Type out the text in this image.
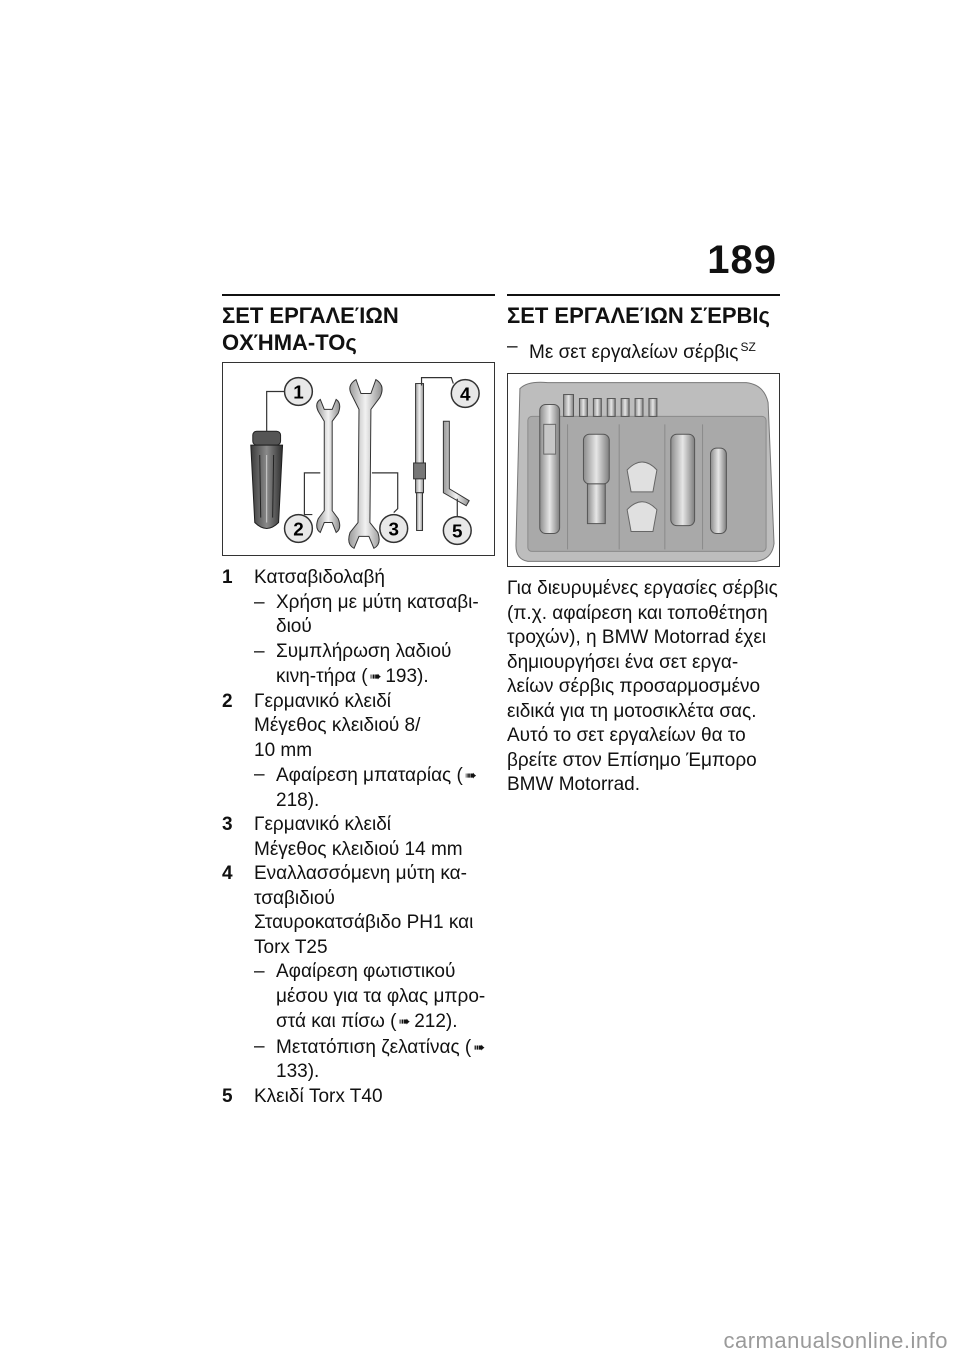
189
ΣΕΤ ΕΡΓΑΛΕΊΩΝ ΟΧΉΜΑ-ΤΟς
1
2	3
4
5
1 Κατσαβιδολαβή
– Χρήση με μύτη κατσαβι-διού
– Συμπλήρωση λαδιού κινη-τήρα ( ➠ 193).
2 Γερμανικό κλειδί
Μέγεθος κλειδιού 8/
10 mm
– Αφαίρεση μπαταρίας ( ➠218).
3 Γερμανικό κλειδί
Μέγεθος κλειδιού 14 mm
4 Εναλλασσόμενη μύτη κα-τσαβιδιού
Σταυροκατσάβιδο PH1 και Torx T25
– Αφαίρεση φωτιστικού μέσου για τα φλας μπρο-στά και πίσω ( ➠ 212).
– Μετατόπιση ζελατίνας ( ➠133).
5 Κλειδί Torx T40
ΣΕΤ ΕΡΓΑΛΕΊΩΝ ΣΈΡΒΙς
– Με σετ εργαλείων σέρβις $^{SZ}$
Για διευρυμένες εργασίες σέρβις (π.χ. αφαίρεση και τοποθέτηση τροχών), η BMW Motorrad έχει δημιουργήσει ένα σετ εργα-λείων σέρβις προσαρμοσμένο ειδικά για τη μοτοσικλέτα σας. Αυτό το σετ εργαλείων θα το βρείτε στον Επίσημο Έμπορο BMW Motorrad.
carmanualsonline.info
